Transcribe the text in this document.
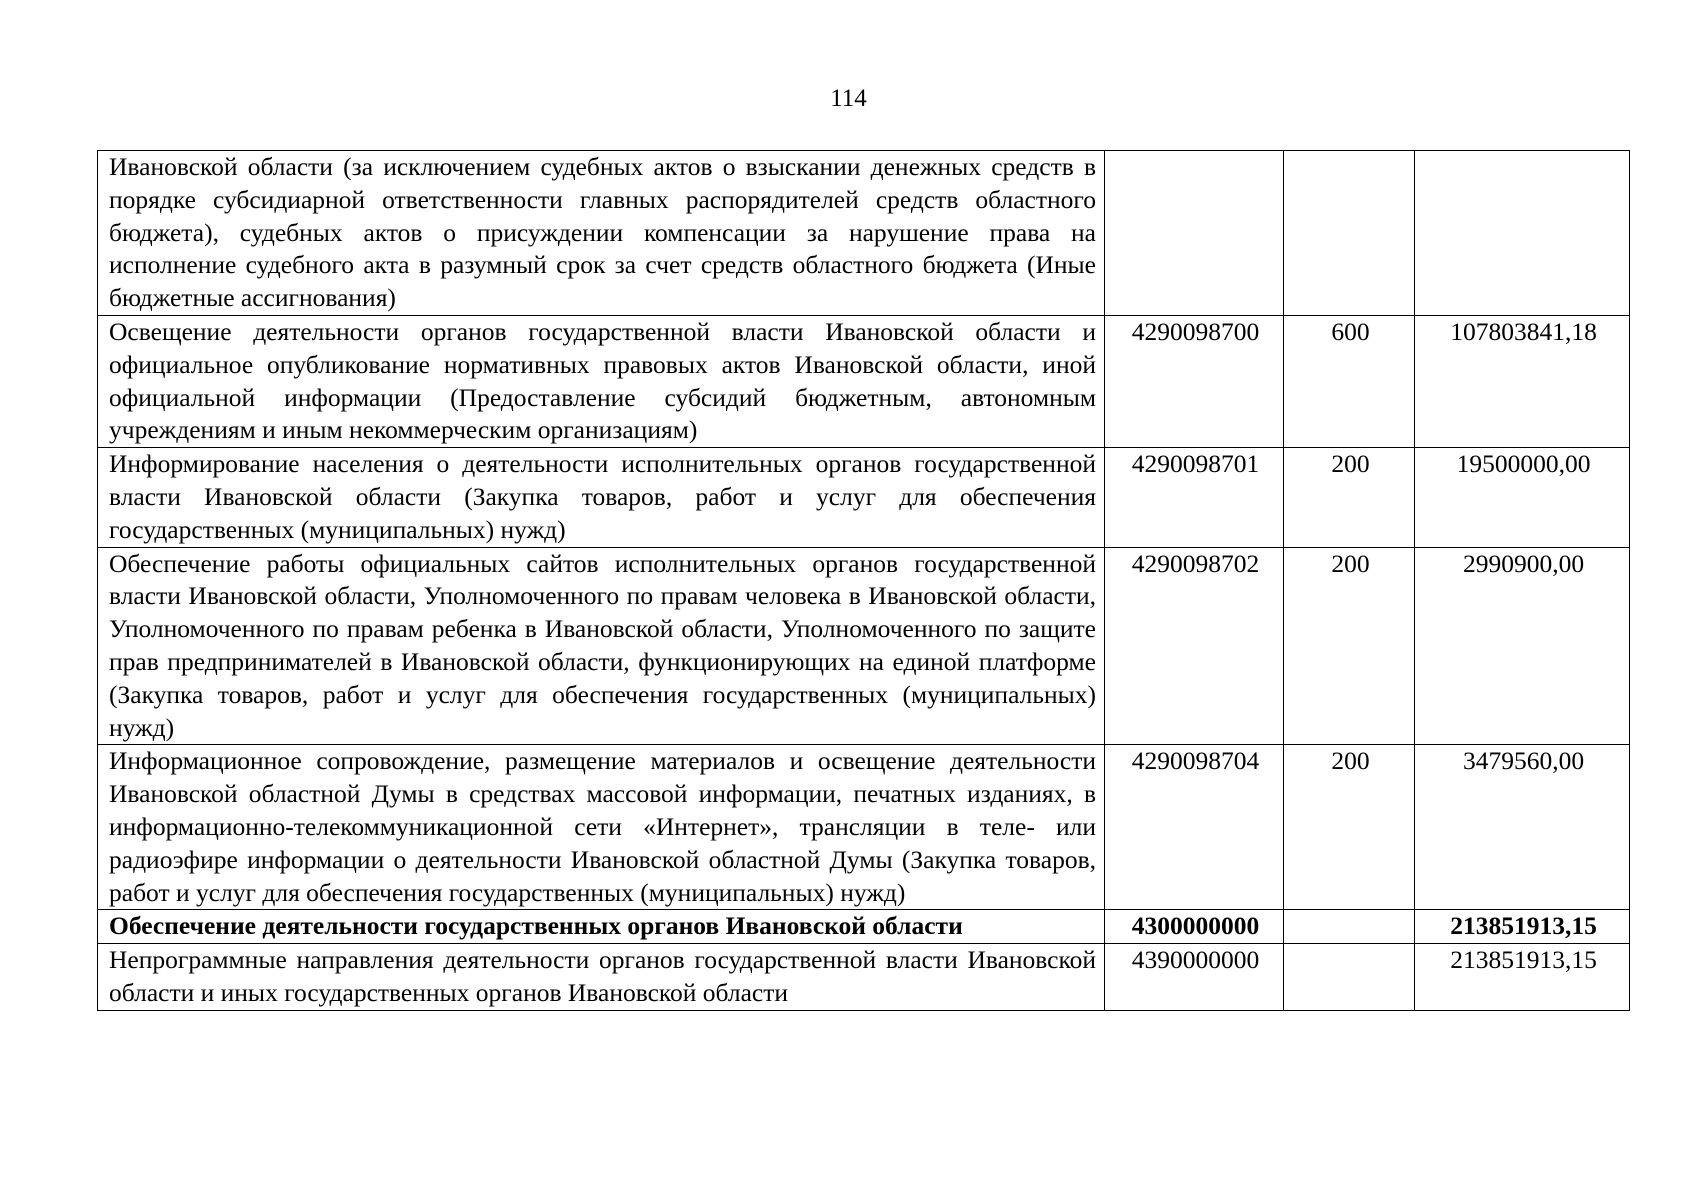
114
Ивановской области (за исключением судебных актов о взыскании денежных средств в порядке субсидиарной ответственности главных распорядителей средств областного бюджета), судебных актов о присуждении компенсации за нарушение права на исполнение судебного акта в разумный срок за счет средств областного бюджета (Иные бюджетные ассигнования)			
Освещение деятельности органов государственной власти Ивановской области и официальное опубликование нормативных правовых актов Ивановской области, иной официальной информации (Предоставление субсидий бюджетным, автономным учреждениям и иным некоммерческим организациям)	4290098700	600	107803841,18
Информирование населения о деятельности исполнительных органов государственной власти Ивановской области (Закупка товаров, работ и услуг для обеспечения государственных (муниципальных) нужд)	4290098701	200	19500000,00
Обеспечение работы официальных сайтов исполнительных органов государственной власти Ивановской области, Уполномоченного по правам человека в Ивановской области, Уполномоченного по правам ребенка в Ивановской области, Уполномоченного по защите прав предпринимателей в Ивановской области, функционирующих на единой платформе (Закупка товаров, работ и услуг для обеспечения государственных (муниципальных) нужд)	4290098702	200	2990900,00
Информационное сопровождение, размещение материалов и освещение деятельности Ивановской областной Думы в средствах массовой информации, печатных изданиях, в информационно-телекоммуникационной сети «Интернет», трансляции в теле- или радиоэфире информации о деятельности Ивановской областной Думы (Закупка товаров, работ и услуг для обеспечения государственных (муниципальных) нужд)	4290098704	200	3479560,00
Обеспечение деятельности государственных органов Ивановской области	4300000000		213851913,15
Непрограммные направления деятельности органов государственной власти Ивановской области и иных государственных органов Ивановской области	4390000000		213851913,15
